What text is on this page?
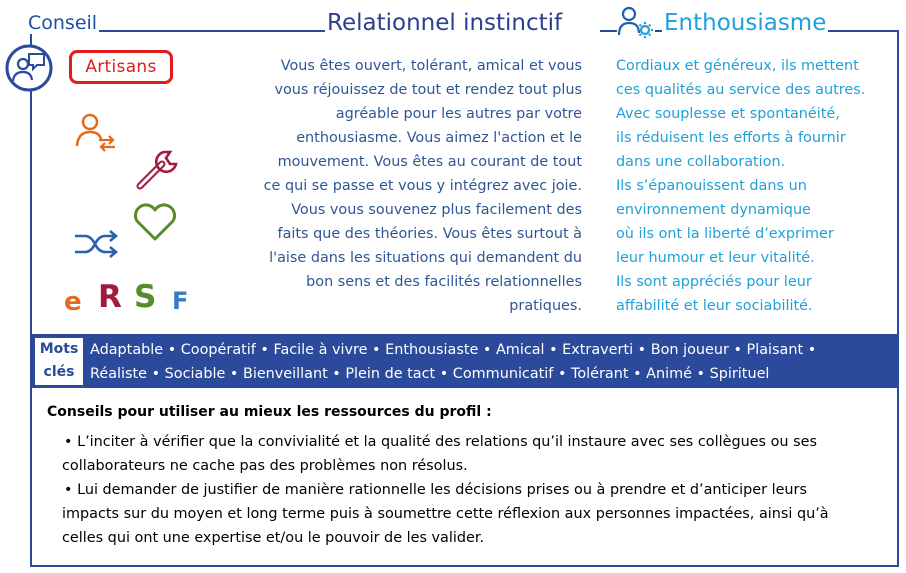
Conseil	Relationnel instinctif	Enthousiasme
Artisans
e R S F

Vous êtes ouvert, tolérant, amical et vous

vous réjouissez de tout et rendez tout plus

agréable pour les autres par votre

enthousiasme. Vous aimez l'action et le

mouvement. Vous êtes au courant de tout

ce qui se passe et vous y intégrez avec joie.

Vous vous souvenez plus facilement des

faits que des théories. Vous êtes surtout à

l'aise dans les situations qui demandent du

bon sens et des facilités relationnelles

pratiques.

Cordiaux et généreux, ils mettent
ces qualités au service des autres.
Avec souplesse et spontanéité,
ils réduisent les efforts à fournir
dans une collaboration.
Ils s’épanouissent dans un
environnement dynamique
où ils ont la liberté d’exprimer
leur humour et leur vitalité.
Ils sont appréciés pour leur
affabilité et leur sociabilité.
Mots
clés
Adaptable • Coopératif • Facile à vivre • Enthousiaste • Amical • Extraverti • Bon joueur • Plaisant •
Réaliste • Sociable • Bienveillant • Plein de tact • Communicatif • Tolérant • Animé • Spirituel
Conseils pour utiliser au mieux les ressources du profil :

• L’inciter à vérifier que la convivialité et la qualité des relations qu’il instaure avec ses collègues ou ses

collaborateurs ne cache pas des problèmes non résolus.

• Lui demander de justifier de manière rationnelle les décisions prises ou à prendre et d’anticiper leurs

impacts sur du moyen et long terme puis à soumettre cette réflexion aux personnes impactées, ainsi qu’à

celles qui ont une expertise et/ou le pouvoir de les valider.
